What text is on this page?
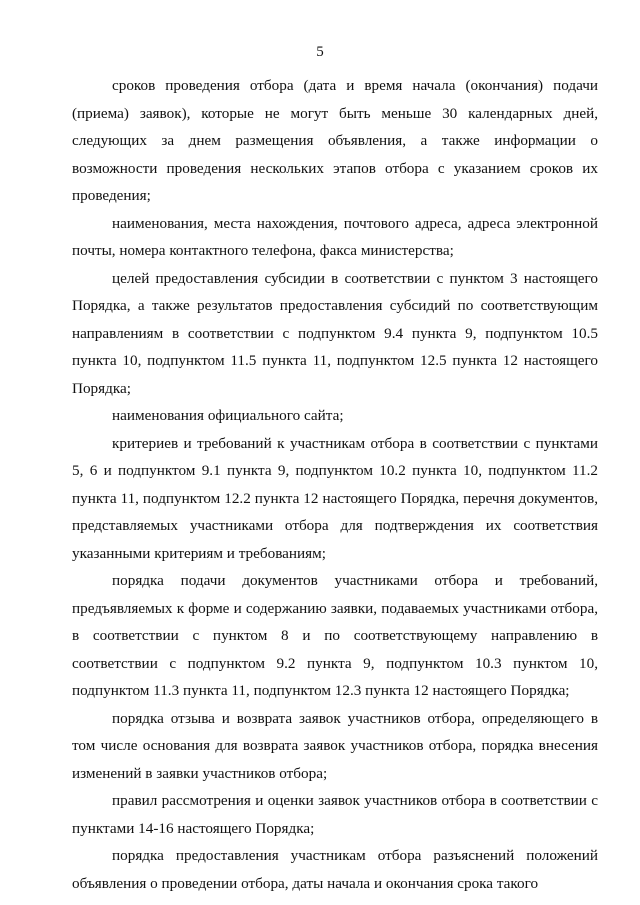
5

сроков проведения отбора (дата и время начала (окончания) подачи (приема) заявок), которые не могут быть меньше 30 календарных дней, следующих за днем размещения объявления, а также информации о возможности проведения нескольких этапов отбора с указанием сроков их проведения;

наименования, места нахождения, почтового адреса, адреса электронной почты, номера контактного телефона, факса министерства;

целей предоставления субсидии в соответствии с пунктом 3 настоящего Порядка, а также результатов предоставления субсидий по соответствующим направлениям в соответствии с подпунктом 9.4 пункта 9, подпунктом 10.5 пункта 10, подпунктом 11.5 пункта 11, подпунктом 12.5 пункта 12 настоящего Порядка;

наименования официального сайта;

критериев и требований к участникам отбора в соответствии с пунктами 5, 6 и подпунктом 9.1 пункта 9, подпунктом 10.2 пункта 10, подпунктом 11.2 пункта 11, подпунктом 12.2 пункта 12 настоящего Порядка, перечня документов, представляемых участниками отбора для подтверждения их соответствия указанными критериям и требованиям;

порядка подачи документов участниками отбора и требований, предъявляемых к форме и содержанию заявки, подаваемых участниками отбора, в соответствии с пунктом 8 и по соответствующему направлению в соответствии с подпунктом 9.2 пункта 9, подпунктом 10.3 пунктом 10, подпунктом 11.3 пункта 11, подпунктом 12.3 пункта 12 настоящего Порядка;

порядка отзыва и возврата заявок участников отбора, определяющего в том числе основания для возврата заявок участников отбора, порядка внесения изменений в заявки участников отбора;

правил рассмотрения и оценки заявок участников отбора в соответствии с пунктами 14-16 настоящего Порядка;

порядка предоставления участникам отбора разъяснений положений объявления о проведении отбора, даты начала и окончания срока такого
